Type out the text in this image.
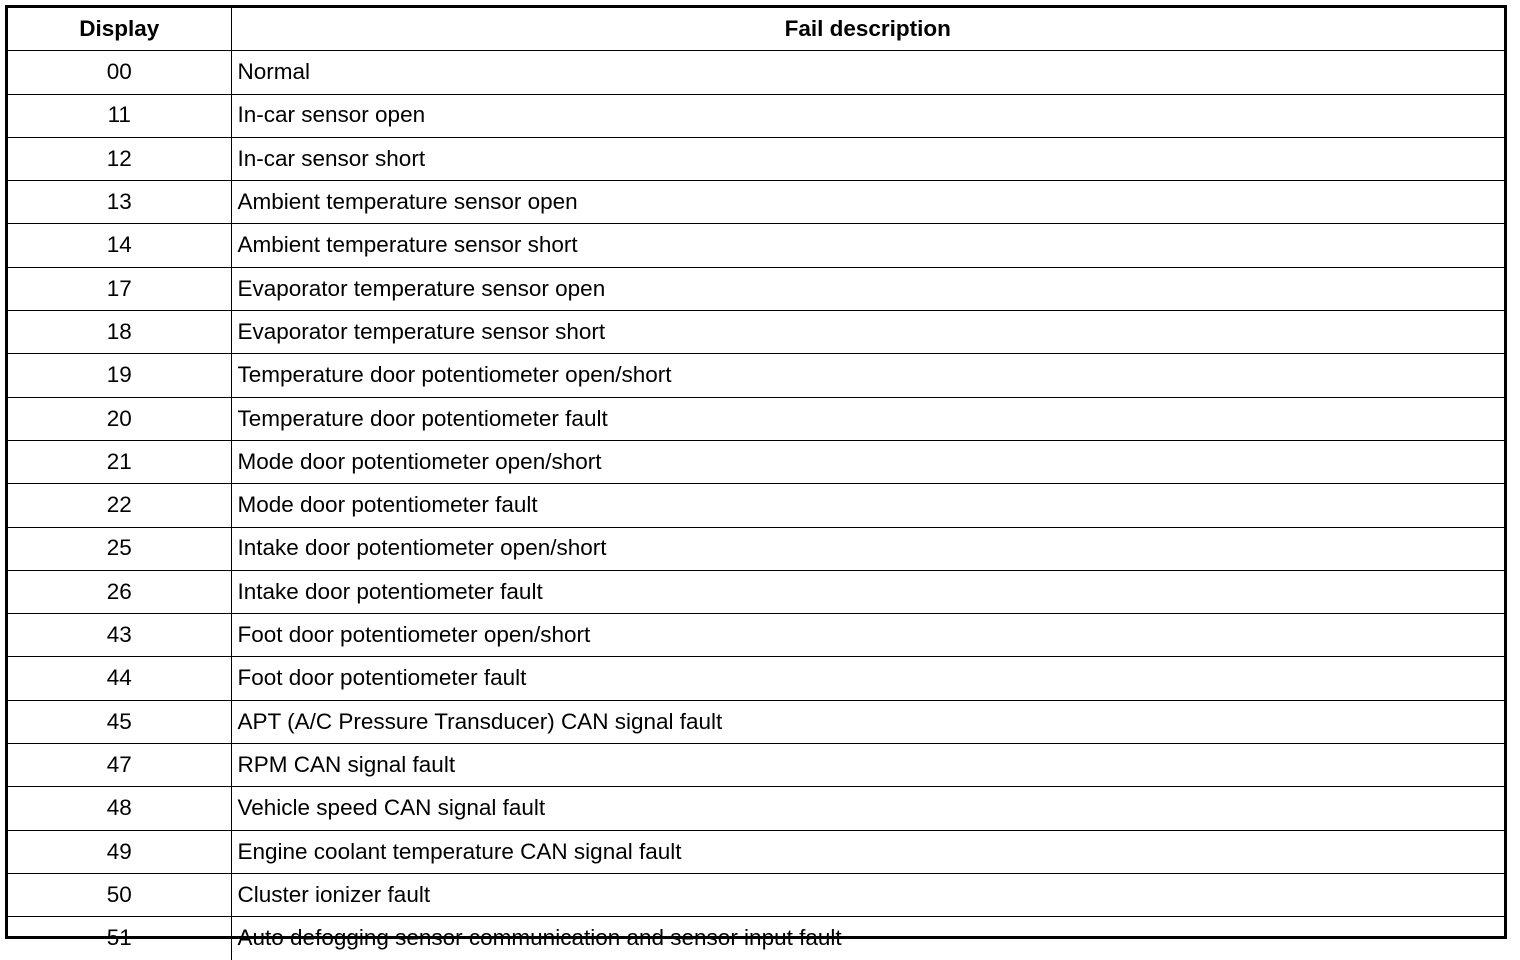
Display	Fail description
00	Normal
11	In-car sensor open
12	In-car sensor short
13	Ambient temperature sensor open
14	Ambient temperature sensor short
17	Evaporator temperature sensor open
18	Evaporator temperature sensor short
19	Temperature door potentiometer open/short
20	Temperature door potentiometer fault
21	Mode door potentiometer open/short
22	Mode door potentiometer fault
25	Intake door potentiometer open/short
26	Intake door potentiometer fault
43	Foot door potentiometer open/short
44	Foot door potentiometer fault
45	APT (A/C Pressure Transducer) CAN signal fault
47	RPM CAN signal fault
48	Vehicle speed CAN signal fault
49	Engine coolant temperature CAN signal fault
50	Cluster ionizer fault
51	Auto defogging sensor communication and sensor input fault
